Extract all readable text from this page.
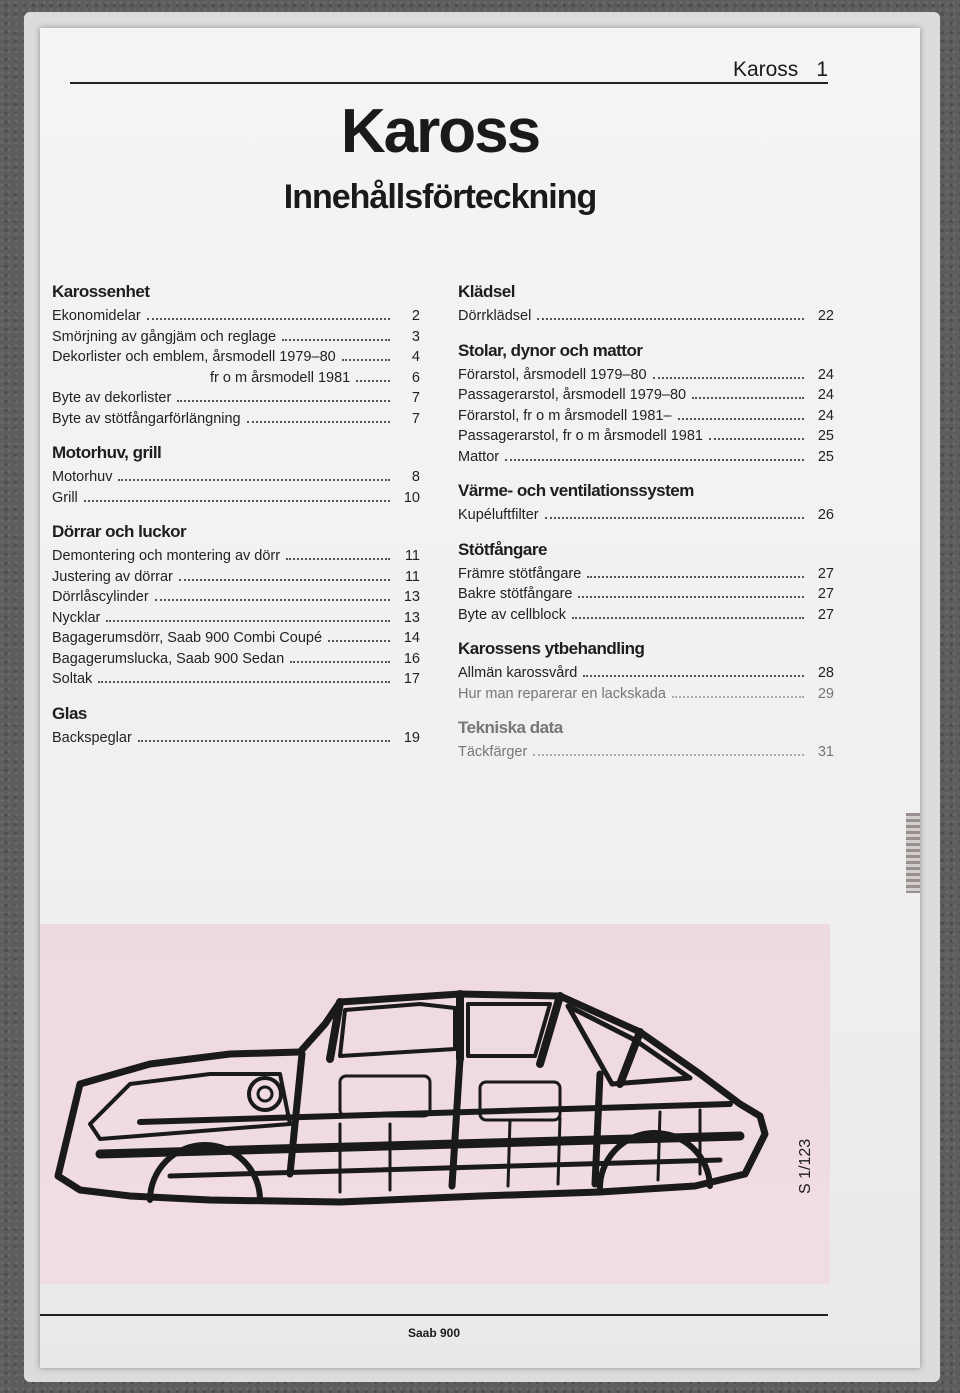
Kaross 1
Kaross
Innehållsförteckning
Karossenhet
Ekonomidelar	2
Smörjning av gångjäm och reglage	3
Dekorlister och emblem, årsmodell 1979–80	4
fr o m årsmodell 1981	6
Byte av dekorlister	7
Byte av stötfångarförlängning	7
Motorhuv, grill
Motorhuv	8
Grill	10
Dörrar och luckor
Demontering och montering av dörr	11
Justering av dörrar	11
Dörrlåscylinder	13
Nycklar	13
Bagagerumsdörr, Saab 900 Combi Coupé	14
Bagagerumslucka, Saab 900 Sedan	16
Soltak	17
Glas
Backspeglar	19
Klädsel
Dörrklädsel	22
Stolar, dynor och mattor
Förarstol, årsmodell 1979–80	24
Passagerarstol, årsmodell 1979–80	24
Förarstol, fr o m årsmodell 1981–	24
Passagerarstol, fr o m årsmodell 1981	25
Mattor	25
Värme- och ventilationssystem
Kupéluftfilter	26
Stötfångare
Främre stötfångare	27
Bakre stötfångare	27
Byte av cellblock	27
Karossens ytbehandling
Allmän karossvård	28
Hur man reparerar en lackskada	29
Tekniska data
Täckfärger	31
S 1/123
Saab 900
